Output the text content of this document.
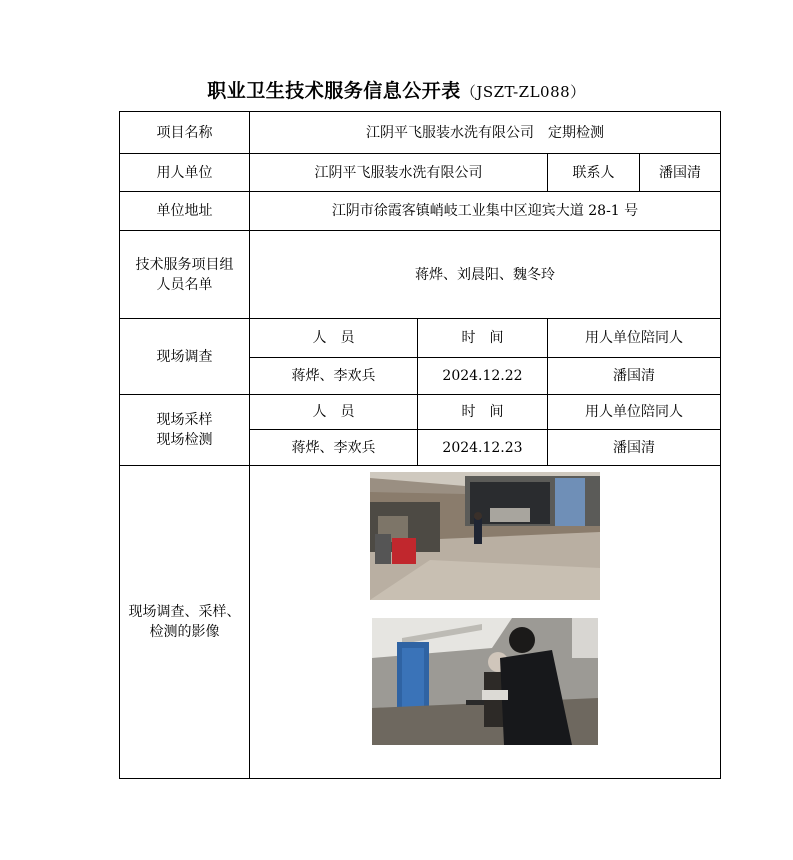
职业卫生技术服务信息公开表（JSZT-ZL088）
项目名称	江阴平飞服装水洗有限公司　定期检测			
用人单位	江阴平飞服装水洗有限公司		联系人	潘国清
单位地址	江阴市徐霞客镇峭岐工业集中区迎宾大道 28-1 号			
技术服务项目组
人员名单	蒋烨、刘晨阳、魏冬玲			
现场调查	人　员	时　间	用人单位陪同人	
	蒋烨、李欢兵	2024.12.22	潘国清	
现场采样
现场检测	人　员	时　间	用人单位陪同人	
	蒋烨、李欢兵	2024.12.23	潘国清	
现场调查、采样、
检测的影像	
